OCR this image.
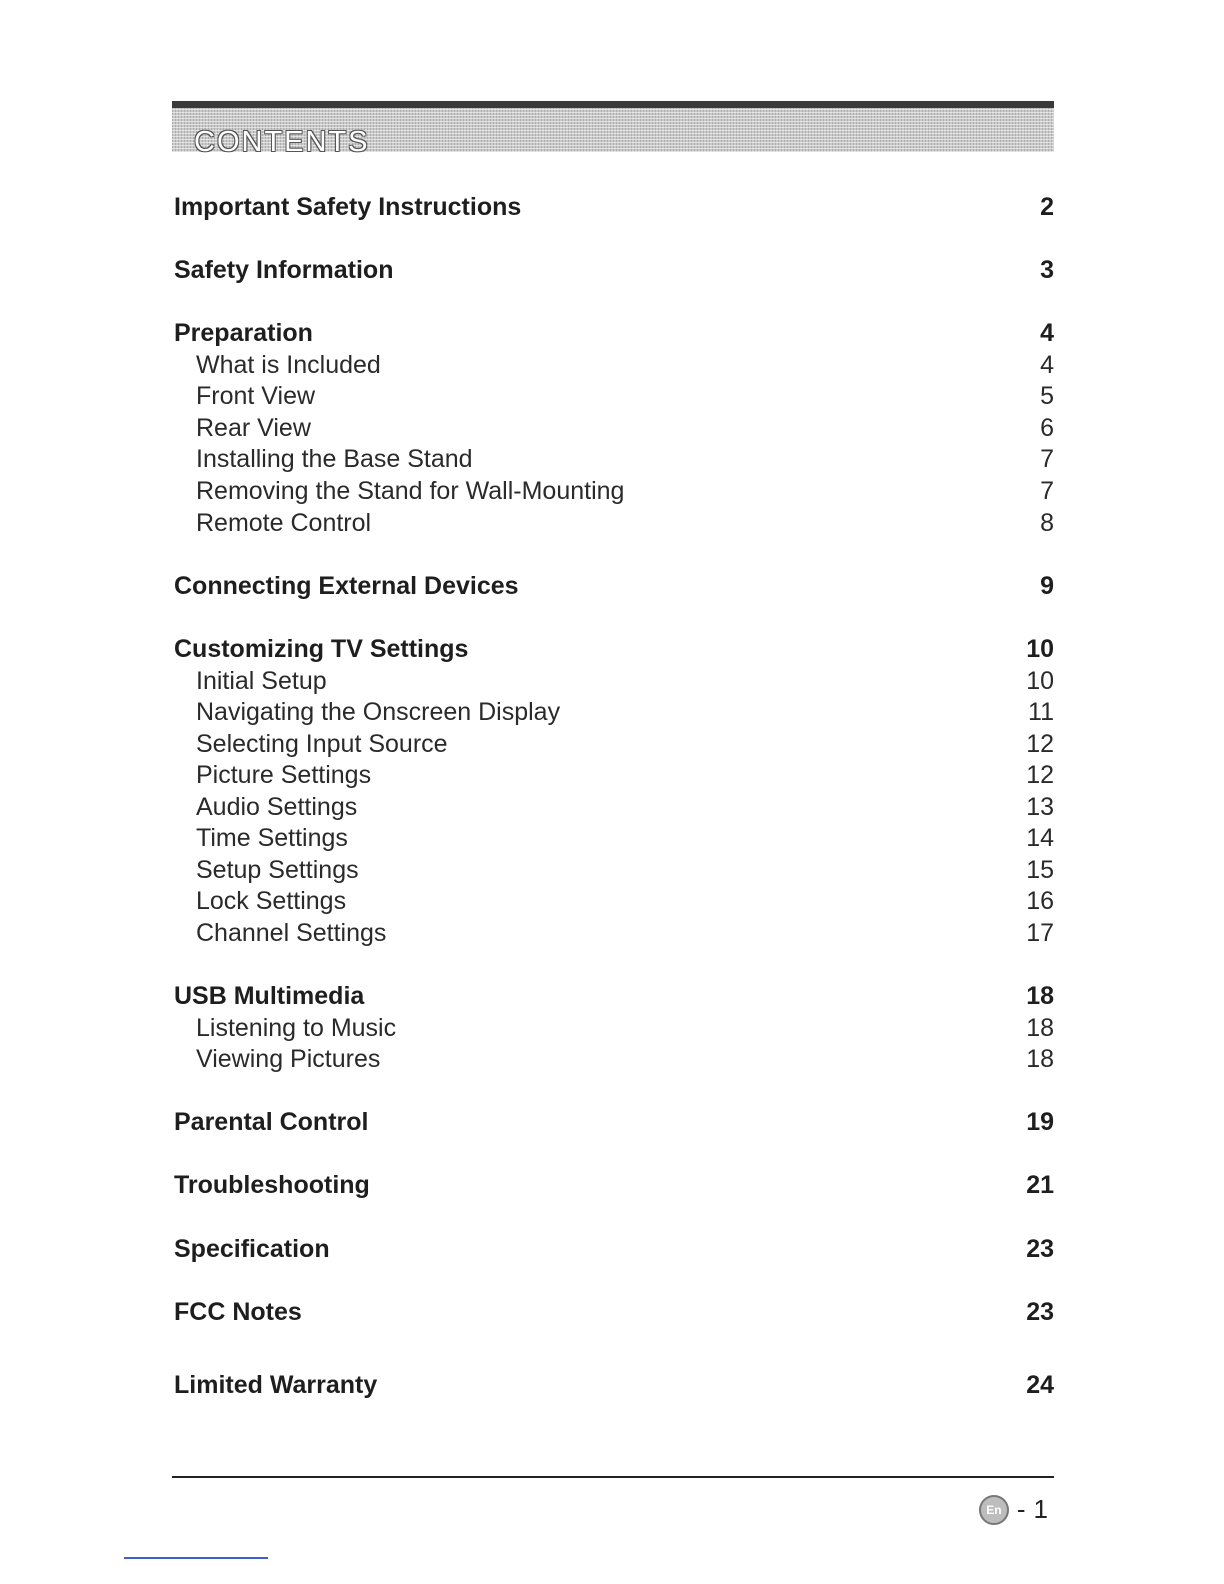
CONTENTS
Important Safety Instructions	2
Safety Information	3
Preparation	4
What is Included	4
Front View	5
Rear View	6
Installing the Base Stand	7
Removing the Stand for Wall-Mounting	7
Remote Control	8
Connecting External Devices	9
Customizing TV Settings	10
Initial Setup	10
Navigating the Onscreen Display	11
Selecting Input Source	12
Picture Settings	12
Audio Settings	13
Time Settings	14
Setup Settings	15
Lock Settings	16
Channel Settings	17
USB Multimedia	18
Listening to Music	18
Viewing Pictures	18
Parental Control	19
Troubleshooting	21
Specification	23
FCC Notes	23
Limited Warranty	24
En - 1
